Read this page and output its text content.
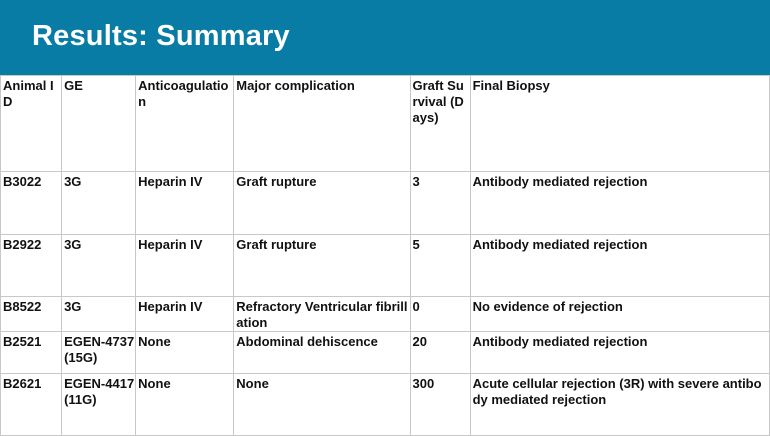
Results: Summary
Animal ID	GE	Anticoagulation	Major complication	Graft Survival (Days)	Final Biopsy
B3022	3G	Heparin IV	Graft rupture	3	Antibody mediated rejection
B2922	3G	Heparin IV	Graft rupture	5	Antibody mediated rejection
B8522	3G	Heparin IV	Refractory Ventricular fibrillation	0	No evidence of rejection
B2521	EGEN-4737 (15G)	None	Abdominal dehiscence	20	Antibody mediated rejection
B2621	EGEN-4417 (11G)	None	None	300	Acute cellular rejection (3R) with severe antibody mediated rejection
